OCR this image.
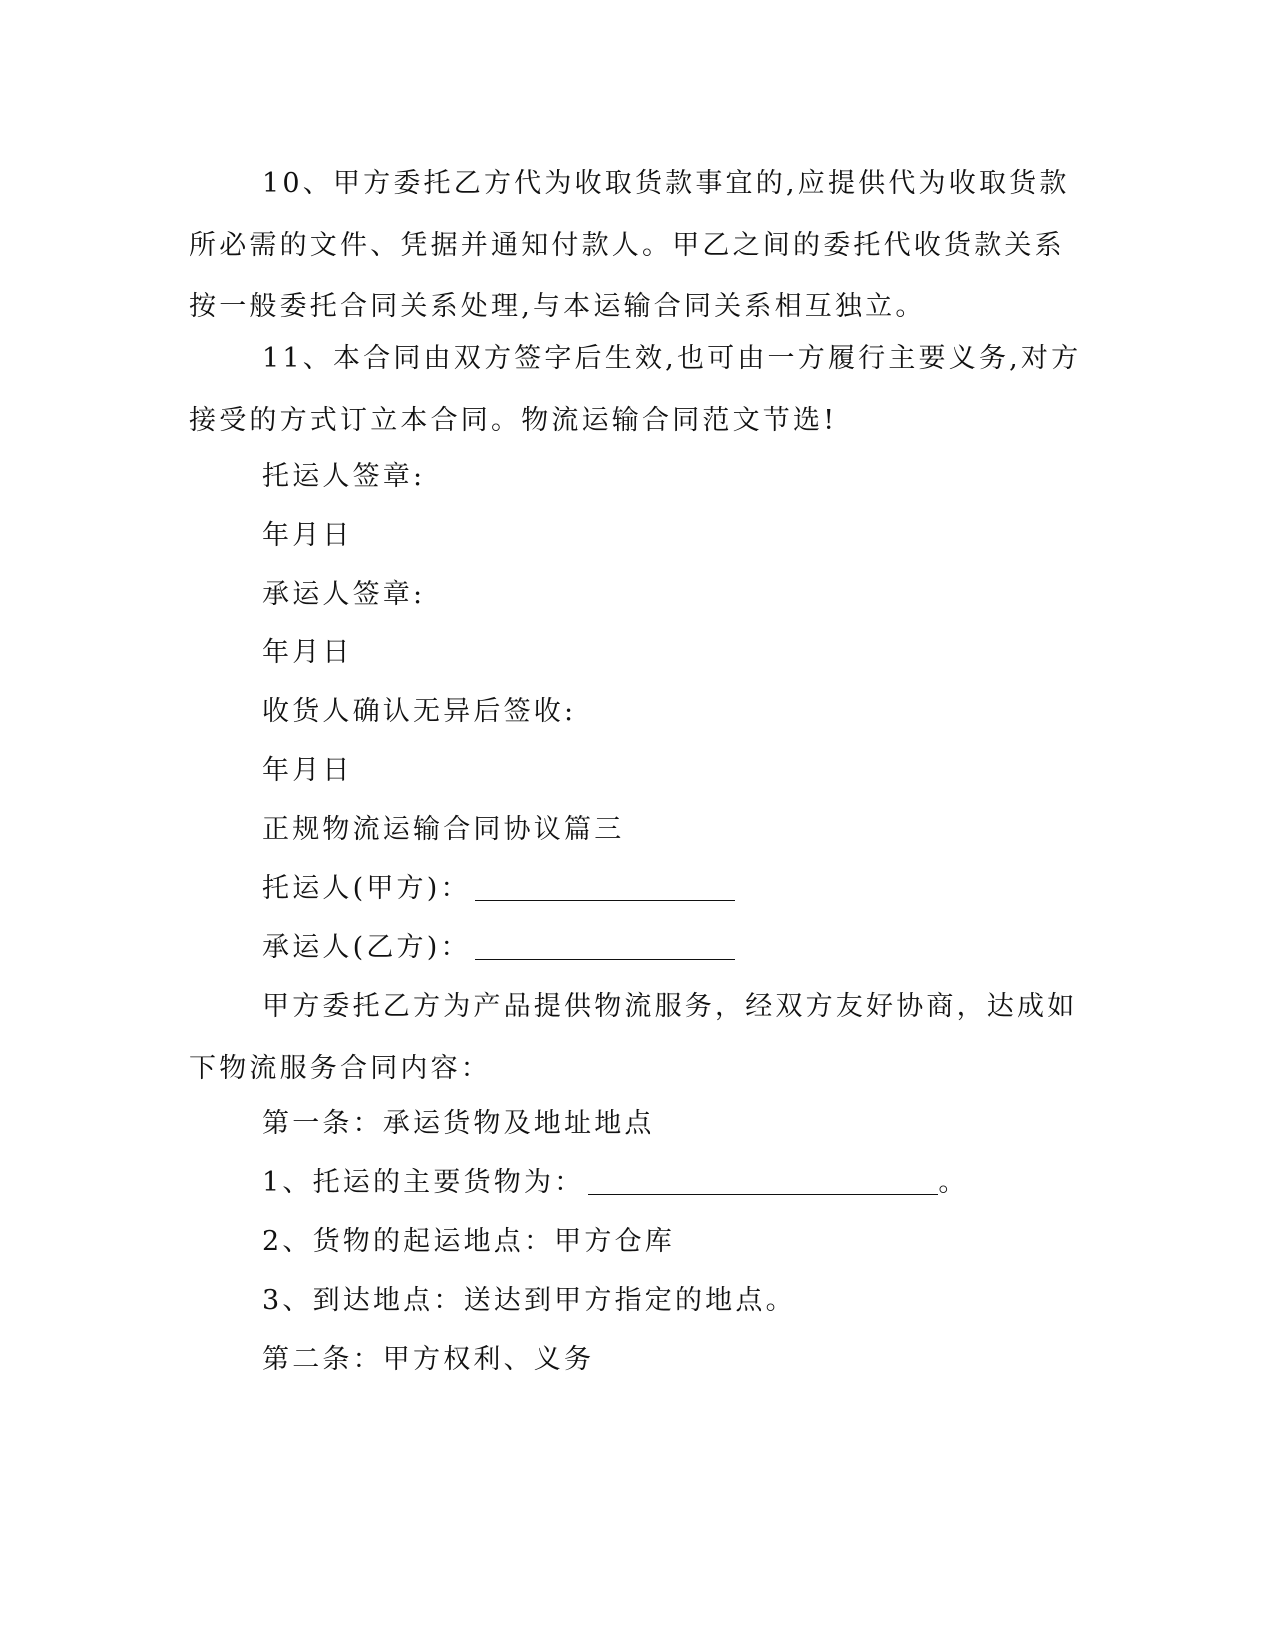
10、甲方委托乙方代为收取货款事宜的,应提供代为收取货款所必需的文件、凭据并通知付款人。甲乙之间的委托代收货款关系按一般委托合同关系处理,与本运输合同关系相互独立。
11、本合同由双方签字后生效,也可由一方履行主要义务,对方接受的方式订立本合同。物流运输合同范文节选!
托运人签章:
年月日
承运人签章:
年月日
收货人确认无异后签收:
年月日
正规物流运输合同协议篇三
托运人(甲方)：
承运人(乙方)：
甲方委托乙方为产品提供物流服务，经双方友好协商，达成如下物流服务合同内容：
第一条：承运货物及地址地点
1、托运的主要货物为：	。
2、货物的起运地点：甲方仓库
3、到达地点：送达到甲方指定的地点。
第二条：甲方权利、义务
